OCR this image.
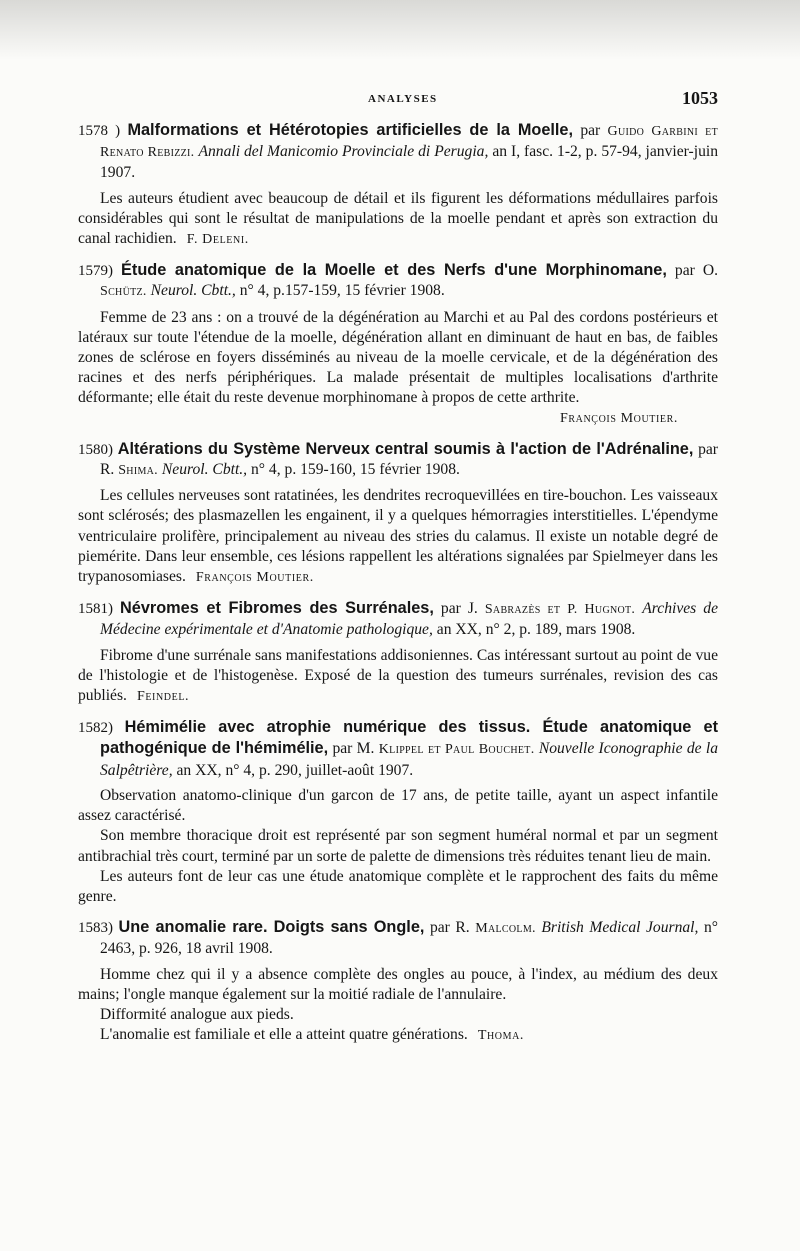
ANALYSES	1053

1578 ) Malformations et Hétérotopies artificielles de la Moelle, par Guido Garbini et Renato Rebizzi. Annali del Manicomio Provinciale di Perugia, an I, fasc. 1-2, p. 57-94, janvier-juin 1907.

Les auteurs étudient avec beaucoup de détail et ils figurent les déformations médullaires parfois considérables qui sont le résultat de manipulations de la moelle pendant et après son extraction du canal rachidien. F. Deleni.

1579) Étude anatomique de la Moelle et des Nerfs d'une Morphinomane, par O. Schütz. Neurol. Cbtt., n° 4, p.157-159, 15 février 1908.

Femme de 23 ans : on a trouvé de la dégénération au Marchi et au Pal des cordons postérieurs et latéraux sur toute l'étendue de la moelle, dégénération allant en diminuant de haut en bas, de faibles zones de sclérose en foyers disséminés au niveau de la moelle cervicale, et de la dégénération des racines et des nerfs périphériques. La malade présentait de multiples localisations d'arthrite déformante; elle était du reste devenue morphinomane à propos de cette arthrite.

François Moutier.

1580) Altérations du Système Nerveux central soumis à l'action de l'Adrénaline, par R. Shima. Neurol. Cbtt., n° 4, p. 159-160, 15 février 1908.

Les cellules nerveuses sont ratatinées, les dendrites recroquevillées en tire-bouchon. Les vaisseaux sont sclérosés; des plasmazellen les engainent, il y a quelques hémorragies interstitielles. L'épendyme ventriculaire prolifère, principalement au niveau des stries du calamus. Il existe un notable degré de piemérite. Dans leur ensemble, ces lésions rappellent les altérations signalées par Spielmeyer dans les trypanosomiases. François Moutier.

1581) Névromes et Fibromes des Surrénales, par J. Sabrazès et P. Hugnot. Archives de Médecine expérimentale et d'Anatomie pathologique, an XX, n° 2, p. 189, mars 1908.

Fibrome d'une surrénale sans manifestations addisoniennes. Cas intéressant surtout au point de vue de l'histologie et de l'histogenèse. Exposé de la question des tumeurs surrénales, revision des cas publiés. Feindel.

1582) Hémimélie avec atrophie numérique des tissus. Étude anatomique et pathogénique de l'hémimélie, par M. Klippel et Paul Bouchet. Nouvelle Iconographie de la Salpêtrière, an XX, n° 4, p. 290, juillet-août 1907.

Observation anatomo-clinique d'un garcon de 17 ans, de petite taille, ayant un aspect infantile assez caractérisé.

Son membre thoracique droit est représenté par son segment huméral normal et par un segment antibrachial très court, terminé par un sorte de palette de dimensions très réduites tenant lieu de main.

Les auteurs font de leur cas une étude anatomique complète et le rapprochent des faits du même genre.

1583) Une anomalie rare. Doigts sans Ongle, par R. Malcolm. British Medical Journal, n° 2463, p. 926, 18 avril 1908.

Homme chez qui il y a absence complète des ongles au pouce, à l'index, au médium des deux mains; l'ongle manque également sur la moitié radiale de l'annulaire.

Difformité analogue aux pieds.

L'anomalie est familiale et elle a atteint quatre générations. Thoma.
